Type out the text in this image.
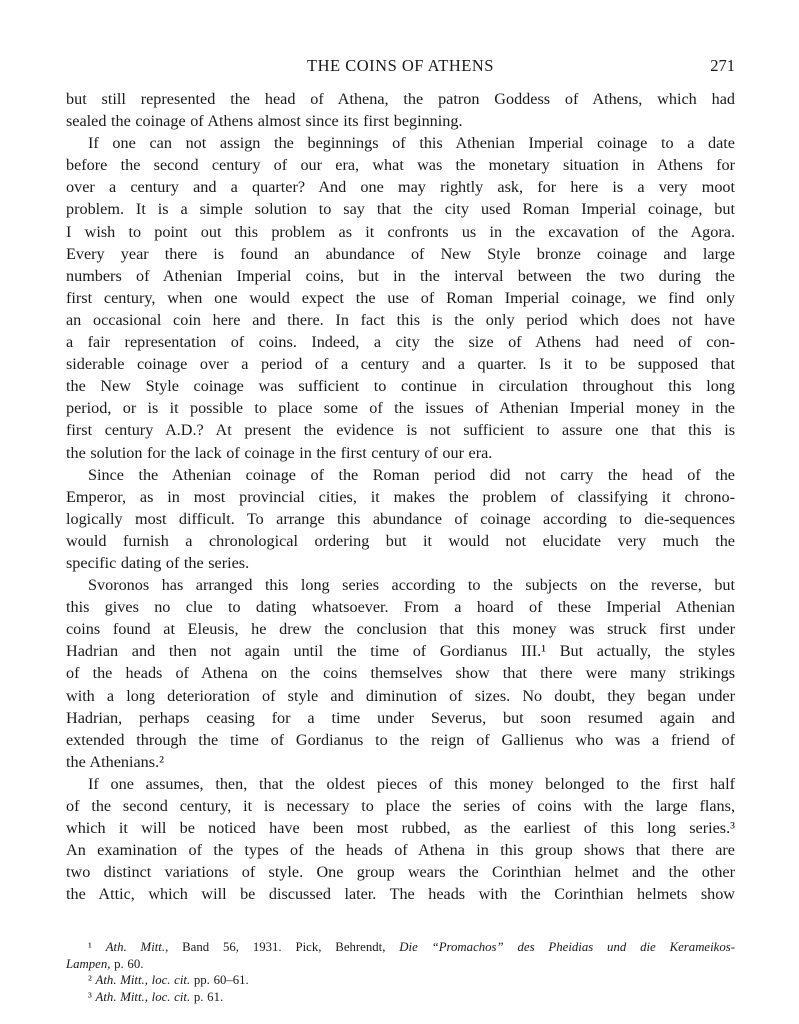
THE COINS OF ATHENS	271
but still represented the head of Athena, the patron Goddess of Athens, which had
sealed the coinage of Athens almost since its first beginning.
If one can not assign the beginnings of this Athenian Imperial coinage to a date
before the second century of our era, what was the monetary situation in Athens for
over a century and a quarter? And one may rightly ask, for here is a very moot
problem. It is a simple solution to say that the city used Roman Imperial coinage, but
I wish to point out this problem as it confronts us in the excavation of the Agora.
Every year there is found an abundance of New Style bronze coinage and large
numbers of Athenian Imperial coins, but in the interval between the two during the
first century, when one would expect the use of Roman Imperial coinage, we find only
an occasional coin here and there. In fact this is the only period which does not have
a fair representation of coins. Indeed, a city the size of Athens had need of con-
siderable coinage over a period of a century and a quarter. Is it to be supposed that
the New Style coinage was sufficient to continue in circulation throughout this long
period, or is it possible to place some of the issues of Athenian Imperial money in the
first century A.D.? At present the evidence is not sufficient to assure one that this is
the solution for the lack of coinage in the first century of our era.
Since the Athenian coinage of the Roman period did not carry the head of the
Emperor, as in most provincial cities, it makes the problem of classifying it chrono-
logically most difficult. To arrange this abundance of coinage according to die-sequences
would furnish a chronological ordering but it would not elucidate very much the
specific dating of the series.
Svoronos has arranged this long series according to the subjects on the reverse, but
this gives no clue to dating whatsoever. From a hoard of these Imperial Athenian
coins found at Eleusis, he drew the conclusion that this money was struck first under
Hadrian and then not again until the time of Gordianus III.¹ But actually, the styles
of the heads of Athena on the coins themselves show that there were many strikings
with a long deterioration of style and diminution of sizes. No doubt, they began under
Hadrian, perhaps ceasing for a time under Severus, but soon resumed again and
extended through the time of Gordianus to the reign of Gallienus who was a friend of
the Athenians.²
If one assumes, then, that the oldest pieces of this money belonged to the first half
of the second century, it is necessary to place the series of coins with the large flans,
which it will be noticed have been most rubbed, as the earliest of this long series.³
An examination of the types of the heads of Athena in this group shows that there are
two distinct variations of style. One group wears the Corinthian helmet and the other
the Attic, which will be discussed later. The heads with the Corinthian helmets show
¹ Ath. Mitt., Band 56, 1931. Pick, Behrendt, Die “Promachos” des Pheidias und die Kerameikos-
Lampen, p. 60.
² Ath. Mitt., loc. cit. pp. 60–61.
³ Ath. Mitt., loc. cit. p. 61.
